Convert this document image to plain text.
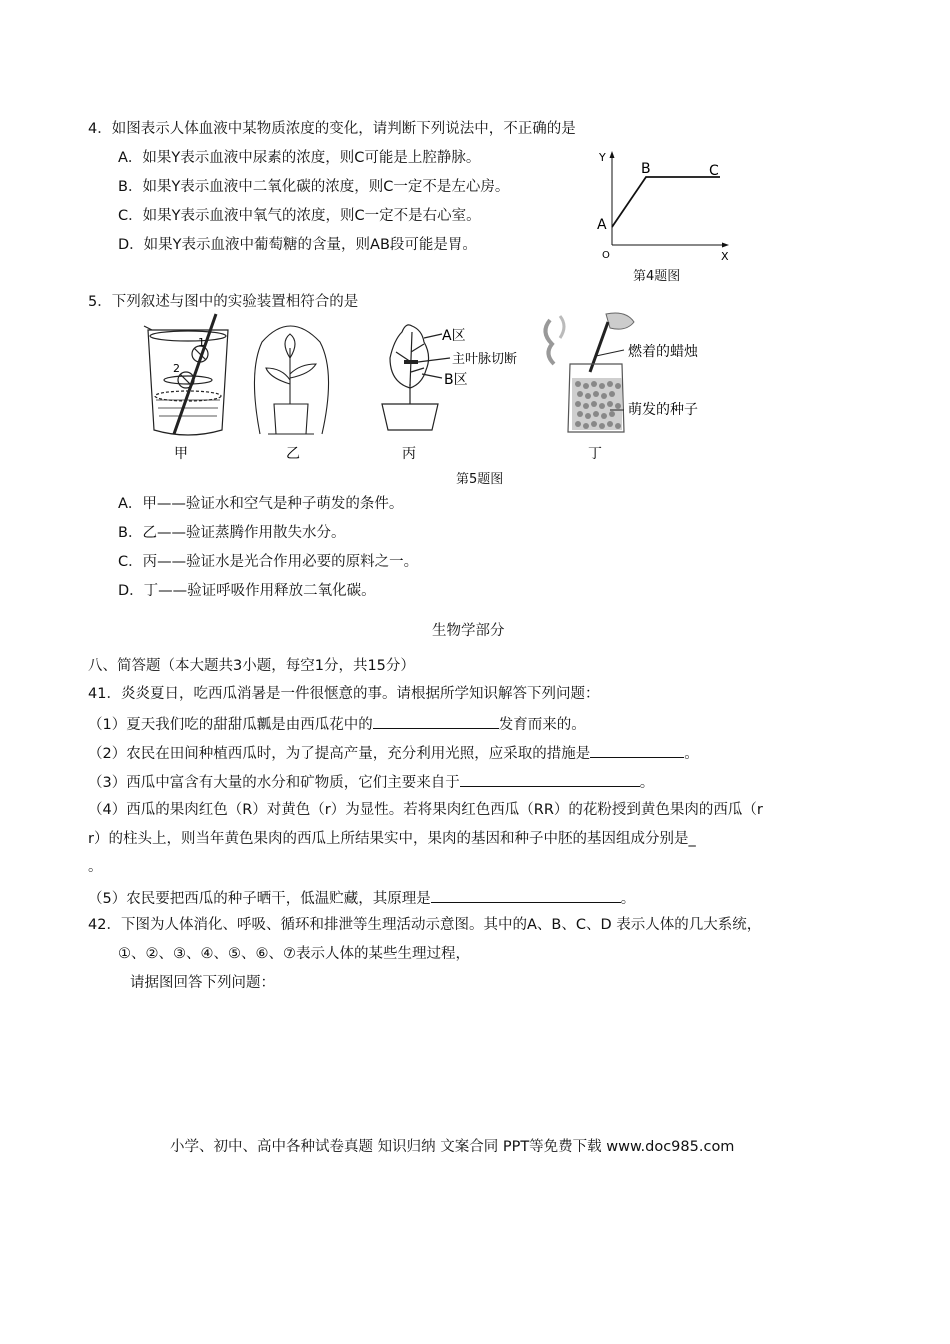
4．如图表示人体血液中某物质浓度的变化，请判断下列说法中，不正确的是
A．如果Y表示血液中尿素的浓度，则C可能是上腔静脉。
B．如果Y表示血液中二氧化碳的浓度，则C一定不是左心房。
C．如果Y表示血液中氧气的浓度，则C一定不是右心室。
D．如果Y表示血液中葡萄糖的含量，则AB段可能是胃。
Y
X
O
A
B	C
第4题图
5．下列叙述与图中的实验装置相符合的是
1
2
A区
主叶脉切断
B区
燃着的蜡烛
萌发的种子
甲	乙	丙	丁
第5题图
A．甲——验证水和空气是种子萌发的条件。
B．乙——验证蒸腾作用散失水分。
C．丙——验证水是光合作用必要的原料之一。
D．丁——验证呼吸作用释放二氧化碳。
生物学部分
八、简答题（本大题共3小题，每空1分，共15分）
41．炎炎夏日，吃西瓜消暑是一件很惬意的事。请根据所学知识解答下列问题：
（1）夏天我们吃的甜甜瓜瓤是由西瓜花中的	发育而来的。
（2）农民在田间种植西瓜时，为了提高产量，充分利用光照，应采取的措施是	。
（3）西瓜中富含有大量的水分和矿物质，它们主要来自于	。
（4）西瓜的果肉红色（R）对黄色（r）为显性。若将果肉红色西瓜（RR）的花粉授到黄色果肉的西瓜（r
r）的柱头上，则当年黄色果肉的西瓜上所结果实中，果肉的基因和种子中胚的基因组成分别是_
。
（5）农民要把西瓜的种子晒干，低温贮藏，其原理是	。
42．下图为人体消化、呼吸、循环和排泄等生理活动示意图。其中的A、B、C、D 表示人体的几大系统，
①、②、③、④、⑤、⑥、⑦表示人体的某些生理过程，
请据图回答下列问题：
小学、初中、高中各种试卷真题 知识归纳 文案合同 PPT等免费下载 www.doc985.com
